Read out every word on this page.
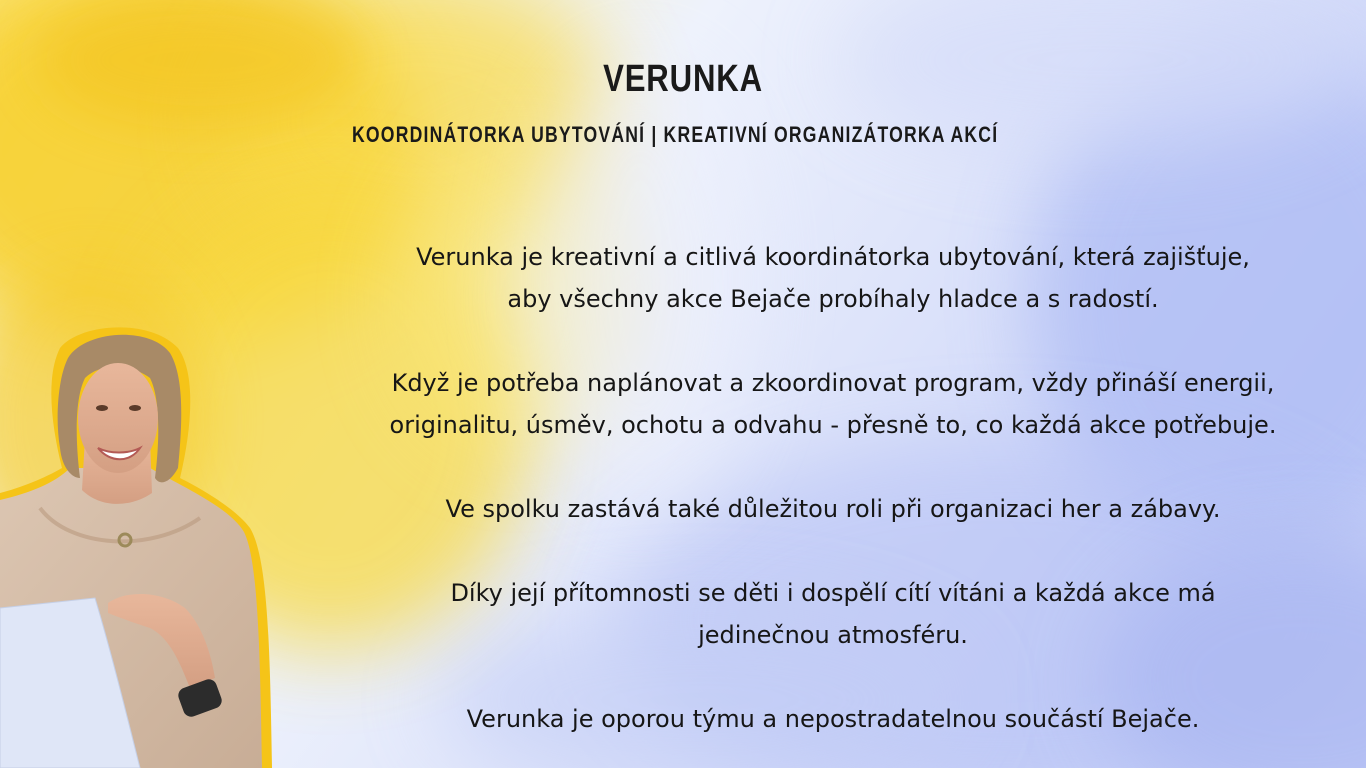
VERUNKA
KOORDINÁTORKA UBYTOVÁNÍ | KREATIVNÍ ORGANIZÁTORKA AKCÍ

Verunka je kreativní a citlivá koordinátorka ubytování, která zajišťuje,
aby všechny akce Bejače probíhaly hladce a s radostí.

Když je potřeba naplánovat a zkoordinovat program, vždy přináší energii,
originalitu, úsměv, ochotu a odvahu - přesně to, co každá akce potřebuje.

Ve spolku zastává také důležitou roli při organizaci her a zábavy.

Díky její přítomnosti se děti i dospělí cítí vítáni a každá akce má
jedinečnou atmosféru.

Verunka je oporou týmu a nepostradatelnou součástí Bejače.
